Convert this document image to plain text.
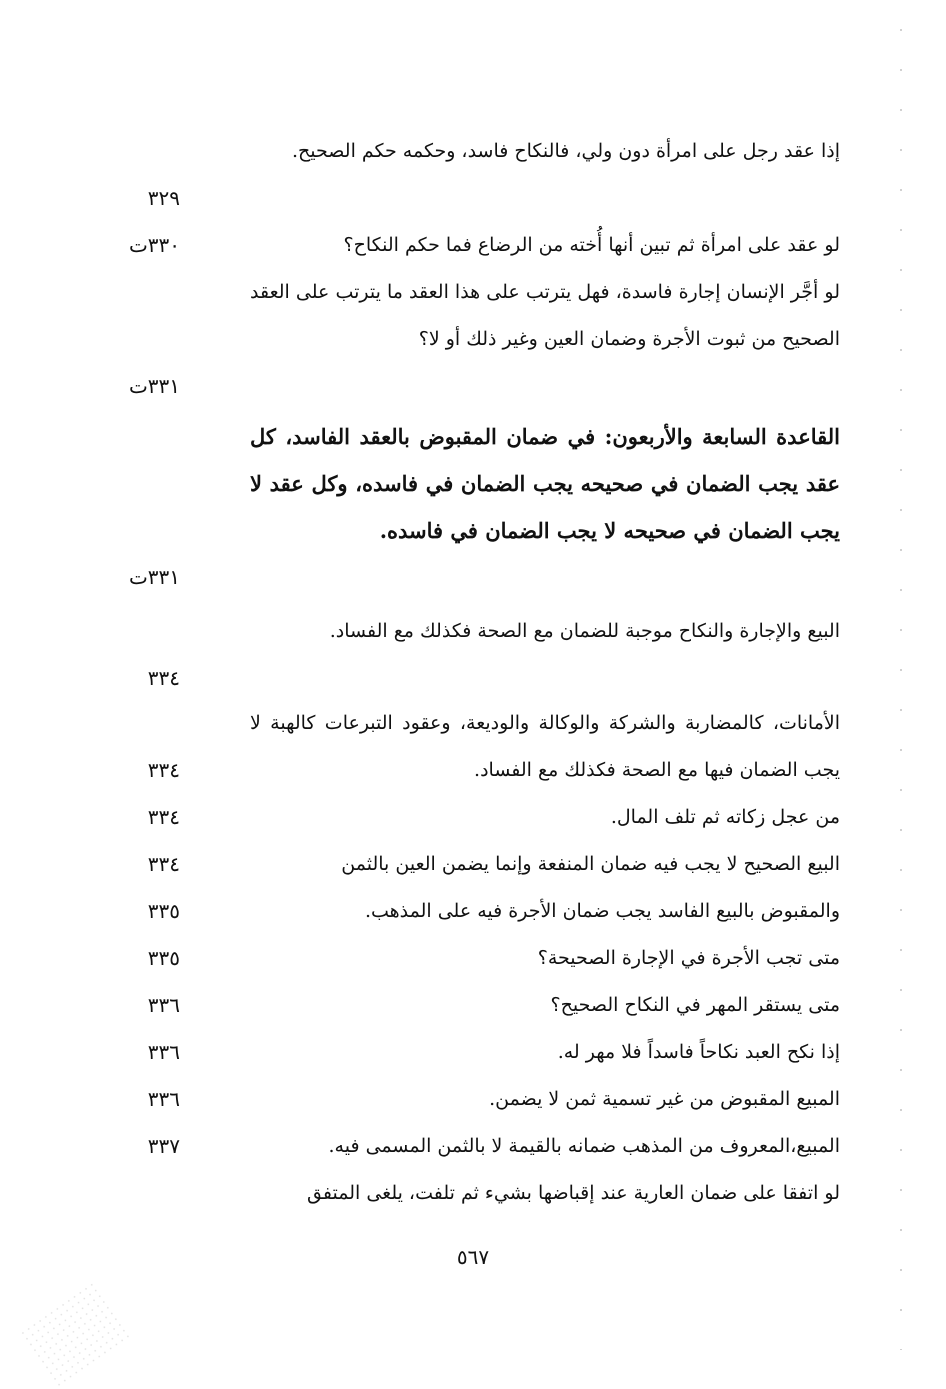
إذا عقد رجل على امرأة دون ولي، فالنكاح فاسد، وحكمه حكم الصحيح.
٣٢٩
لو عقد على امرأة ثم تبين أنها أُخته من الرضاع فما حكم النكاح؟
٣٣٠ت
لو أجَّر الإنسان إجارة فاسدة، فهل يترتب على هذا العقد ما يترتب على العقد الصحيح من ثبوت الأجرة وضمان العين وغير ذلك أو لا؟
٣٣١ت
القاعدة السابعة والأربعون: في ضمان المقبوض بالعقد الفاسد، كل عقد يجب الضمان في صحيحه يجب الضمان في فاسده، وكل عقد لا يجب الضمان في صحيحه لا يجب الضمان في فاسده.
٣٣١ت
البيع والإجارة والنكاح موجبة للضمان مع الصحة فكذلك مع الفساد.
٣٣٤
الأمانات، كالمضاربة والشركة والوكالة والوديعة، وعقود التبرعات كالهبة لا يجب الضمان فيها مع الصحة فكذلك مع الفساد.
٣٣٤
من عجل زكاته ثم تلف المال.
٣٣٤
البيع الصحيح لا يجب فيه ضمان المنفعة وإنما يضمن العين بالثمن
٣٣٤
والمقبوض بالبيع الفاسد يجب ضمان الأجرة فيه على المذهب.
٣٣٥
متى تجب الأجرة في الإجارة الصحيحة؟
٣٣٥
متى يستقر المهر في النكاح الصحيح؟
٣٣٦
إذا نكح العبد نكاحاً فاسداً فلا مهر له.
٣٣٦
المبيع المقبوض من غير تسمية ثمن لا يضمن.
٣٣٦
المبيع،المعروف من المذهب ضمانه بالقيمة لا بالثمن المسمى فيه.
٣٣٧
لو اتفقا على ضمان العارية عند إقباضها بشيء ثم تلفت، يلغى المتفق
٥٦٧
